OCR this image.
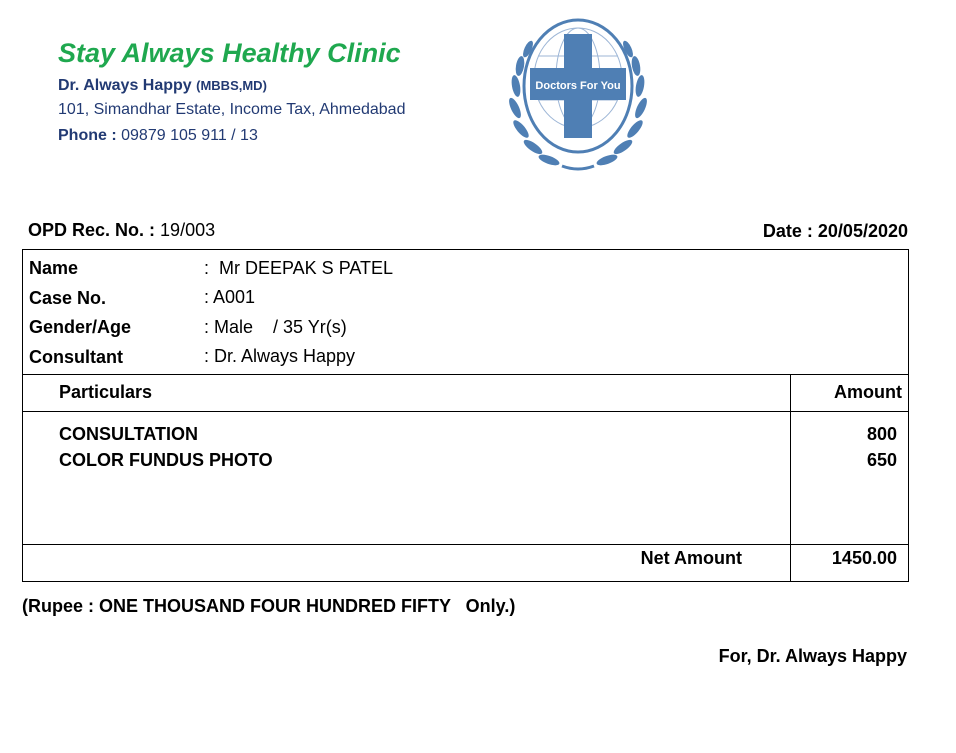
Stay Always Healthy Clinic
Dr. Always Happy (MBBS,MD)
101, Simandhar Estate, Income Tax, Ahmedabad
Phone : 09879 105 911 / 13
Doctors For You
OPD Rec. No. : 19/003	Date : 20/05/2020
Name	:  Mr DEEPAK S PATEL
Case No.	: A001
Gender/Age	: Male    / 35 Yr(s)
Consultant	: Dr. Always Happy
Particulars	Amount
CONSULTATION	800
COLOR FUNDUS PHOTO	650
Net Amount	1450.00
(Rupee : ONE THOUSAND FOUR HUNDRED FIFTY   Only.)
For, Dr. Always Happy
